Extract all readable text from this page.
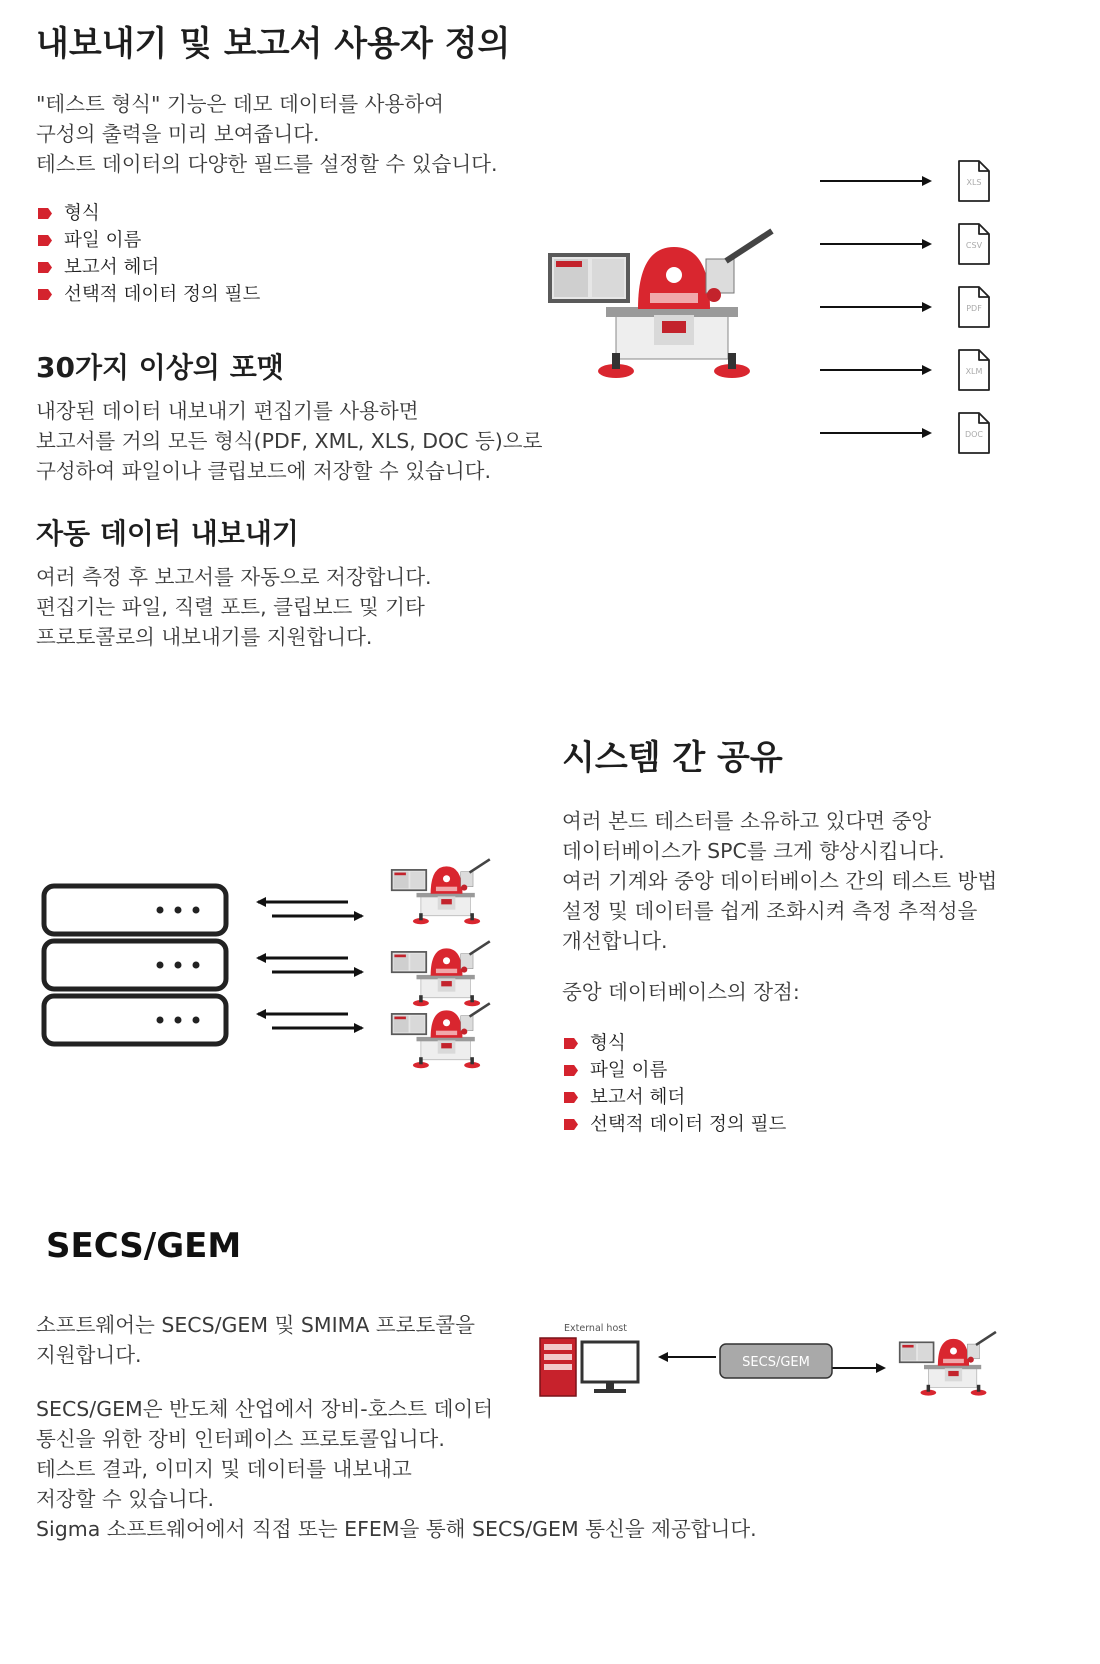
내보내기 및 보고서 사용자 정의

"테스트 형식" 기능은 데모 데이터를 사용하여

구성의 출력을 미리 보여줍니다.

테스트 데이터의 다양한 필드를 설정할 수 있습니다.

형식
파일 이름
보고서 헤더
선택적 데이터 정의 필드
30가지 이상의 포맷

내장된 데이터 내보내기 편집기를 사용하면

보고서를 거의 모든 형식(PDF, XML, XLS, DOC 등)으로

구성하여 파일이나 클립보드에 저장할 수 있습니다.

자동 데이터 내보내기

여러 측정 후 보고서를 자동으로 저장합니다.

편집기는 파일, 직렬 포트, 클립보드 및 기타

프로토콜로의 내보내기를 지원합니다.

XLS
CSV
PDF
XLM
DOC
시스템 간 공유

여러 본드 테스터를 소유하고 있다면 중앙

데이터베이스가 SPC를 크게 향상시킵니다.

여러 기계와 중앙 데이터베이스 간의 테스트 방법

설정 및 데이터를 쉽게 조화시켜 측정 추적성을

개선합니다.

중앙 데이터베이스의 장점:
형식
파일 이름
보고서 헤더
선택적 데이터 정의 필드
SECS/GEM

소프트웨어는 SECS/GEM 및 SMIMA 프로토콜을

지원합니다.

SECS/GEM은 반도체 산업에서 장비-호스트 데이터

통신을 위한 장비 인터페이스 프로토콜입니다.

테스트 결과, 이미지 및 데이터를 내보내고

저장할 수 있습니다.

Sigma 소프트웨어에서 직접 또는 EFEM을 통해 SECS/GEM 통신을 제공합니다.

External host
SECS/GEM
